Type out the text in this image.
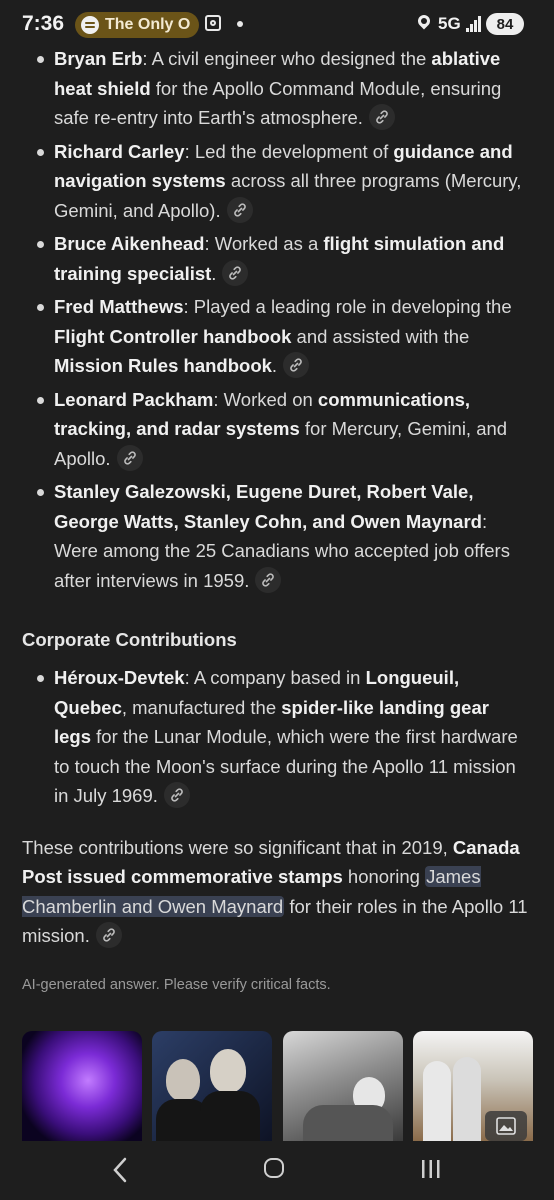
7:36	The Only O	5G	84
Bryan Erb: A civil engineer who designed the ablative heat shield for the Apollo Command Module, ensuring safe re-entry into Earth's atmosphere.
Richard Carley: Led the development of guidance and navigation systems across all three programs (Mercury, Gemini, and Apollo).
Bruce Aikenhead: Worked as a flight simulation and training specialist.
Fred Matthews: Played a leading role in developing the Flight Controller handbook and assisted with the Mission Rules handbook.
Leonard Packham: Worked on communications, tracking, and radar systems for Mercury, Gemini, and Apollo.
Stanley Galezowski, Eugene Duret, Robert Vale, George Watts, Stanley Cohn, and Owen Maynard: Were among the 25 Canadians who accepted job offers after interviews in 1959.
Corporate Contributions
Héroux-Devtek: A company based in Longueuil, Quebec, manufactured the spider-like landing gear legs for the Lunar Module, which were the first hardware to touch the Moon's surface during the Apollo 11 mission in July 1969.
These contributions were so significant that in 2019, Canada Post issued commemorative stamps honoring James Chamberlin and Owen Maynard for their roles in the Apollo 11 mission.
AI-generated answer. Please verify critical facts.
